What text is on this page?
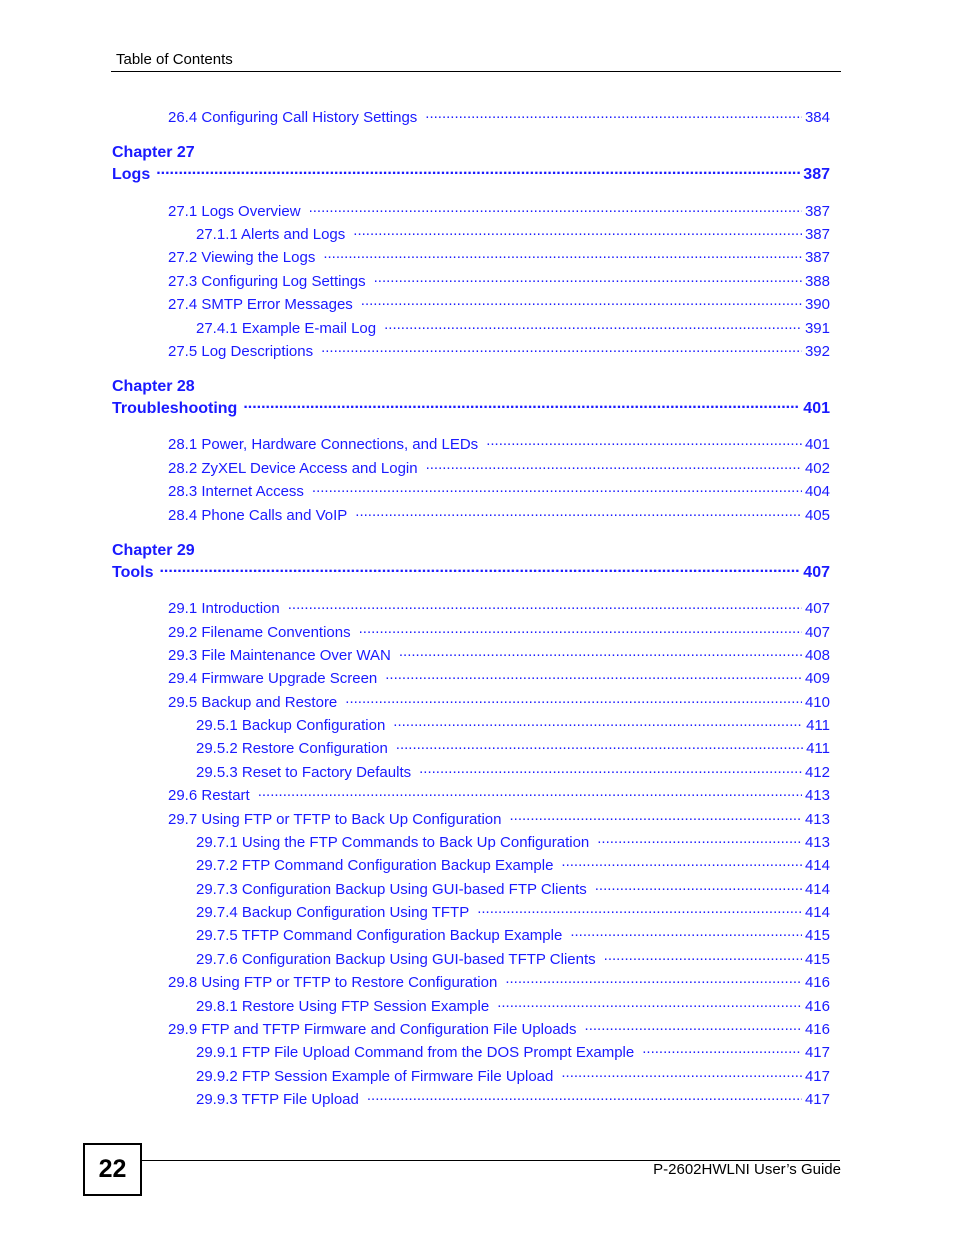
Table of Contents
26.4 Configuring Call History Settings .....	384
Chapter 27
Logs .....	387
27.1 Logs Overview .....	387
27.1.1 Alerts and Logs .....	387
27.2 Viewing the Logs .....	387
27.3 Configuring Log Settings .....	388
27.4 SMTP Error Messages .....	390
27.4.1 Example E-mail Log .....	391
27.5 Log Descriptions .....	392
Chapter 28
Troubleshooting .....	401
28.1 Power, Hardware Connections, and LEDs .....	401
28.2 ZyXEL Device Access and Login .....	402
28.3 Internet Access .....	404
28.4 Phone Calls and VoIP .....	405
Chapter 29
Tools .....	407
29.1 Introduction .....	407
29.2 Filename Conventions .....	407
29.3 File Maintenance Over WAN .....	408
29.4 Firmware Upgrade Screen .....	409
29.5 Backup and Restore .....	410
29.5.1 Backup Configuration .....	411
29.5.2 Restore Configuration .....	411
29.5.3 Reset to Factory Defaults .....	412
29.6 Restart .....	413
29.7 Using FTP or TFTP to Back Up Configuration .....	413
29.7.1 Using the FTP Commands to Back Up Configuration .....	413
29.7.2 FTP Command Configuration Backup Example .....	414
29.7.3 Configuration Backup Using GUI-based FTP Clients .....	414
29.7.4 Backup Configuration Using TFTP .....	414
29.7.5 TFTP Command Configuration Backup Example .....	415
29.7.6 Configuration Backup Using GUI-based TFTP Clients .....	415
29.8 Using FTP or TFTP to Restore Configuration .....	416
29.8.1 Restore Using FTP Session Example .....	416
29.9 FTP and TFTP Firmware and Configuration File Uploads .....	416
29.9.1 FTP File Upload Command from the DOS Prompt Example .....	417
29.9.2 FTP Session Example of Firmware File Upload .....	417
29.9.3 TFTP File Upload .....	417
22	P-2602HWLNI User’s Guide
